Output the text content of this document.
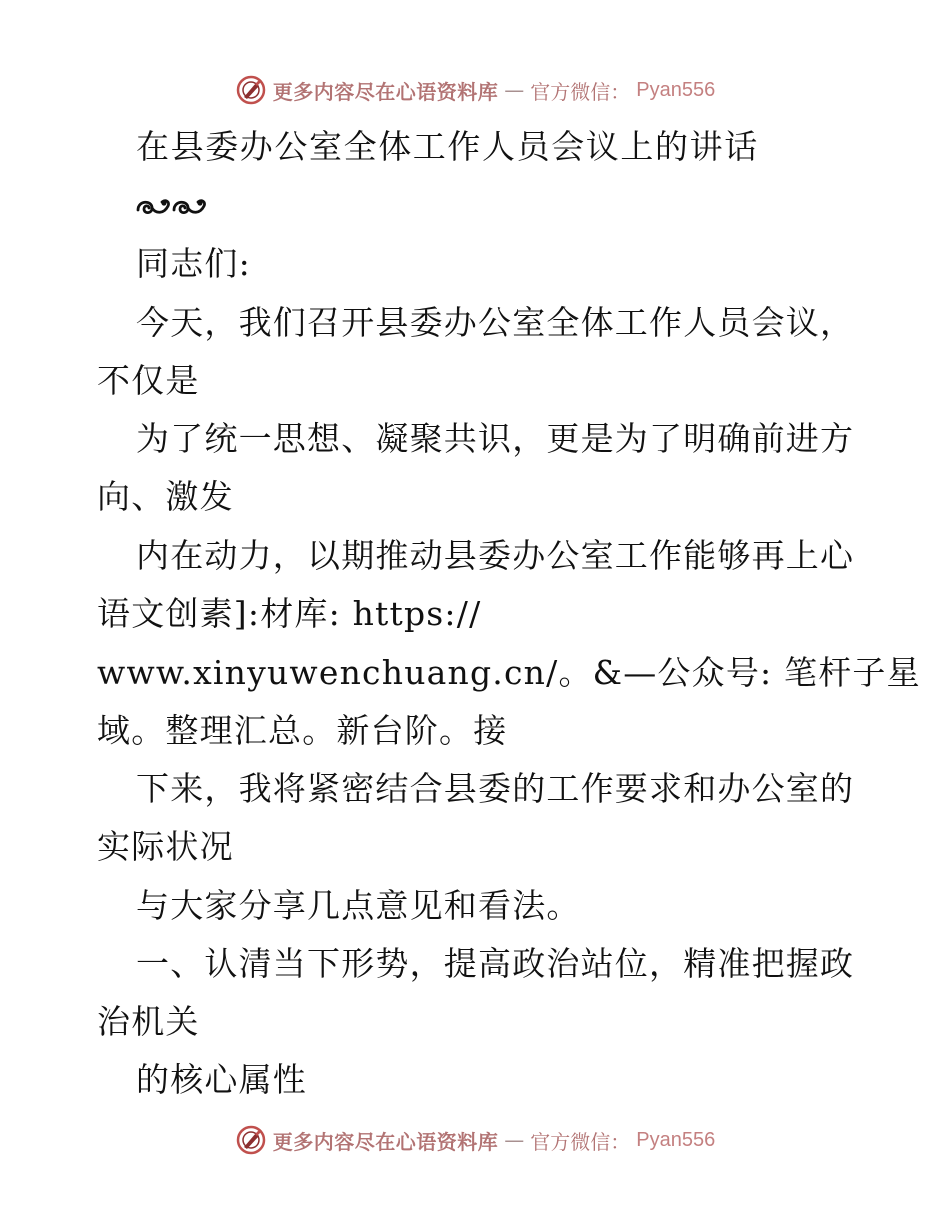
更多内容尽在心语资料库 — 官方微信： Pyan556
在县委办公室全体工作人员会议上的讲话
同志们:
今天，我们召开县委办公室全体工作人员会议，
不仅是
为了统一思想、凝聚共识，更是为了明确前进方
向、激发
内在动力，以期推动县委办公室工作能够再上心
语文创素]:材库: https://
www.xinyuwenchuang.cn/。&—公众号: 笔杆子星
域。整理汇总。新台阶。接
下来，我将紧密结合县委的工作要求和办公室的
实际状况
与大家分享几点意见和看法。
一、认清当下形势，提高政治站位，精准把握政
治机关
的核心属性
更多内容尽在心语资料库 — 官方微信： Pyan556
